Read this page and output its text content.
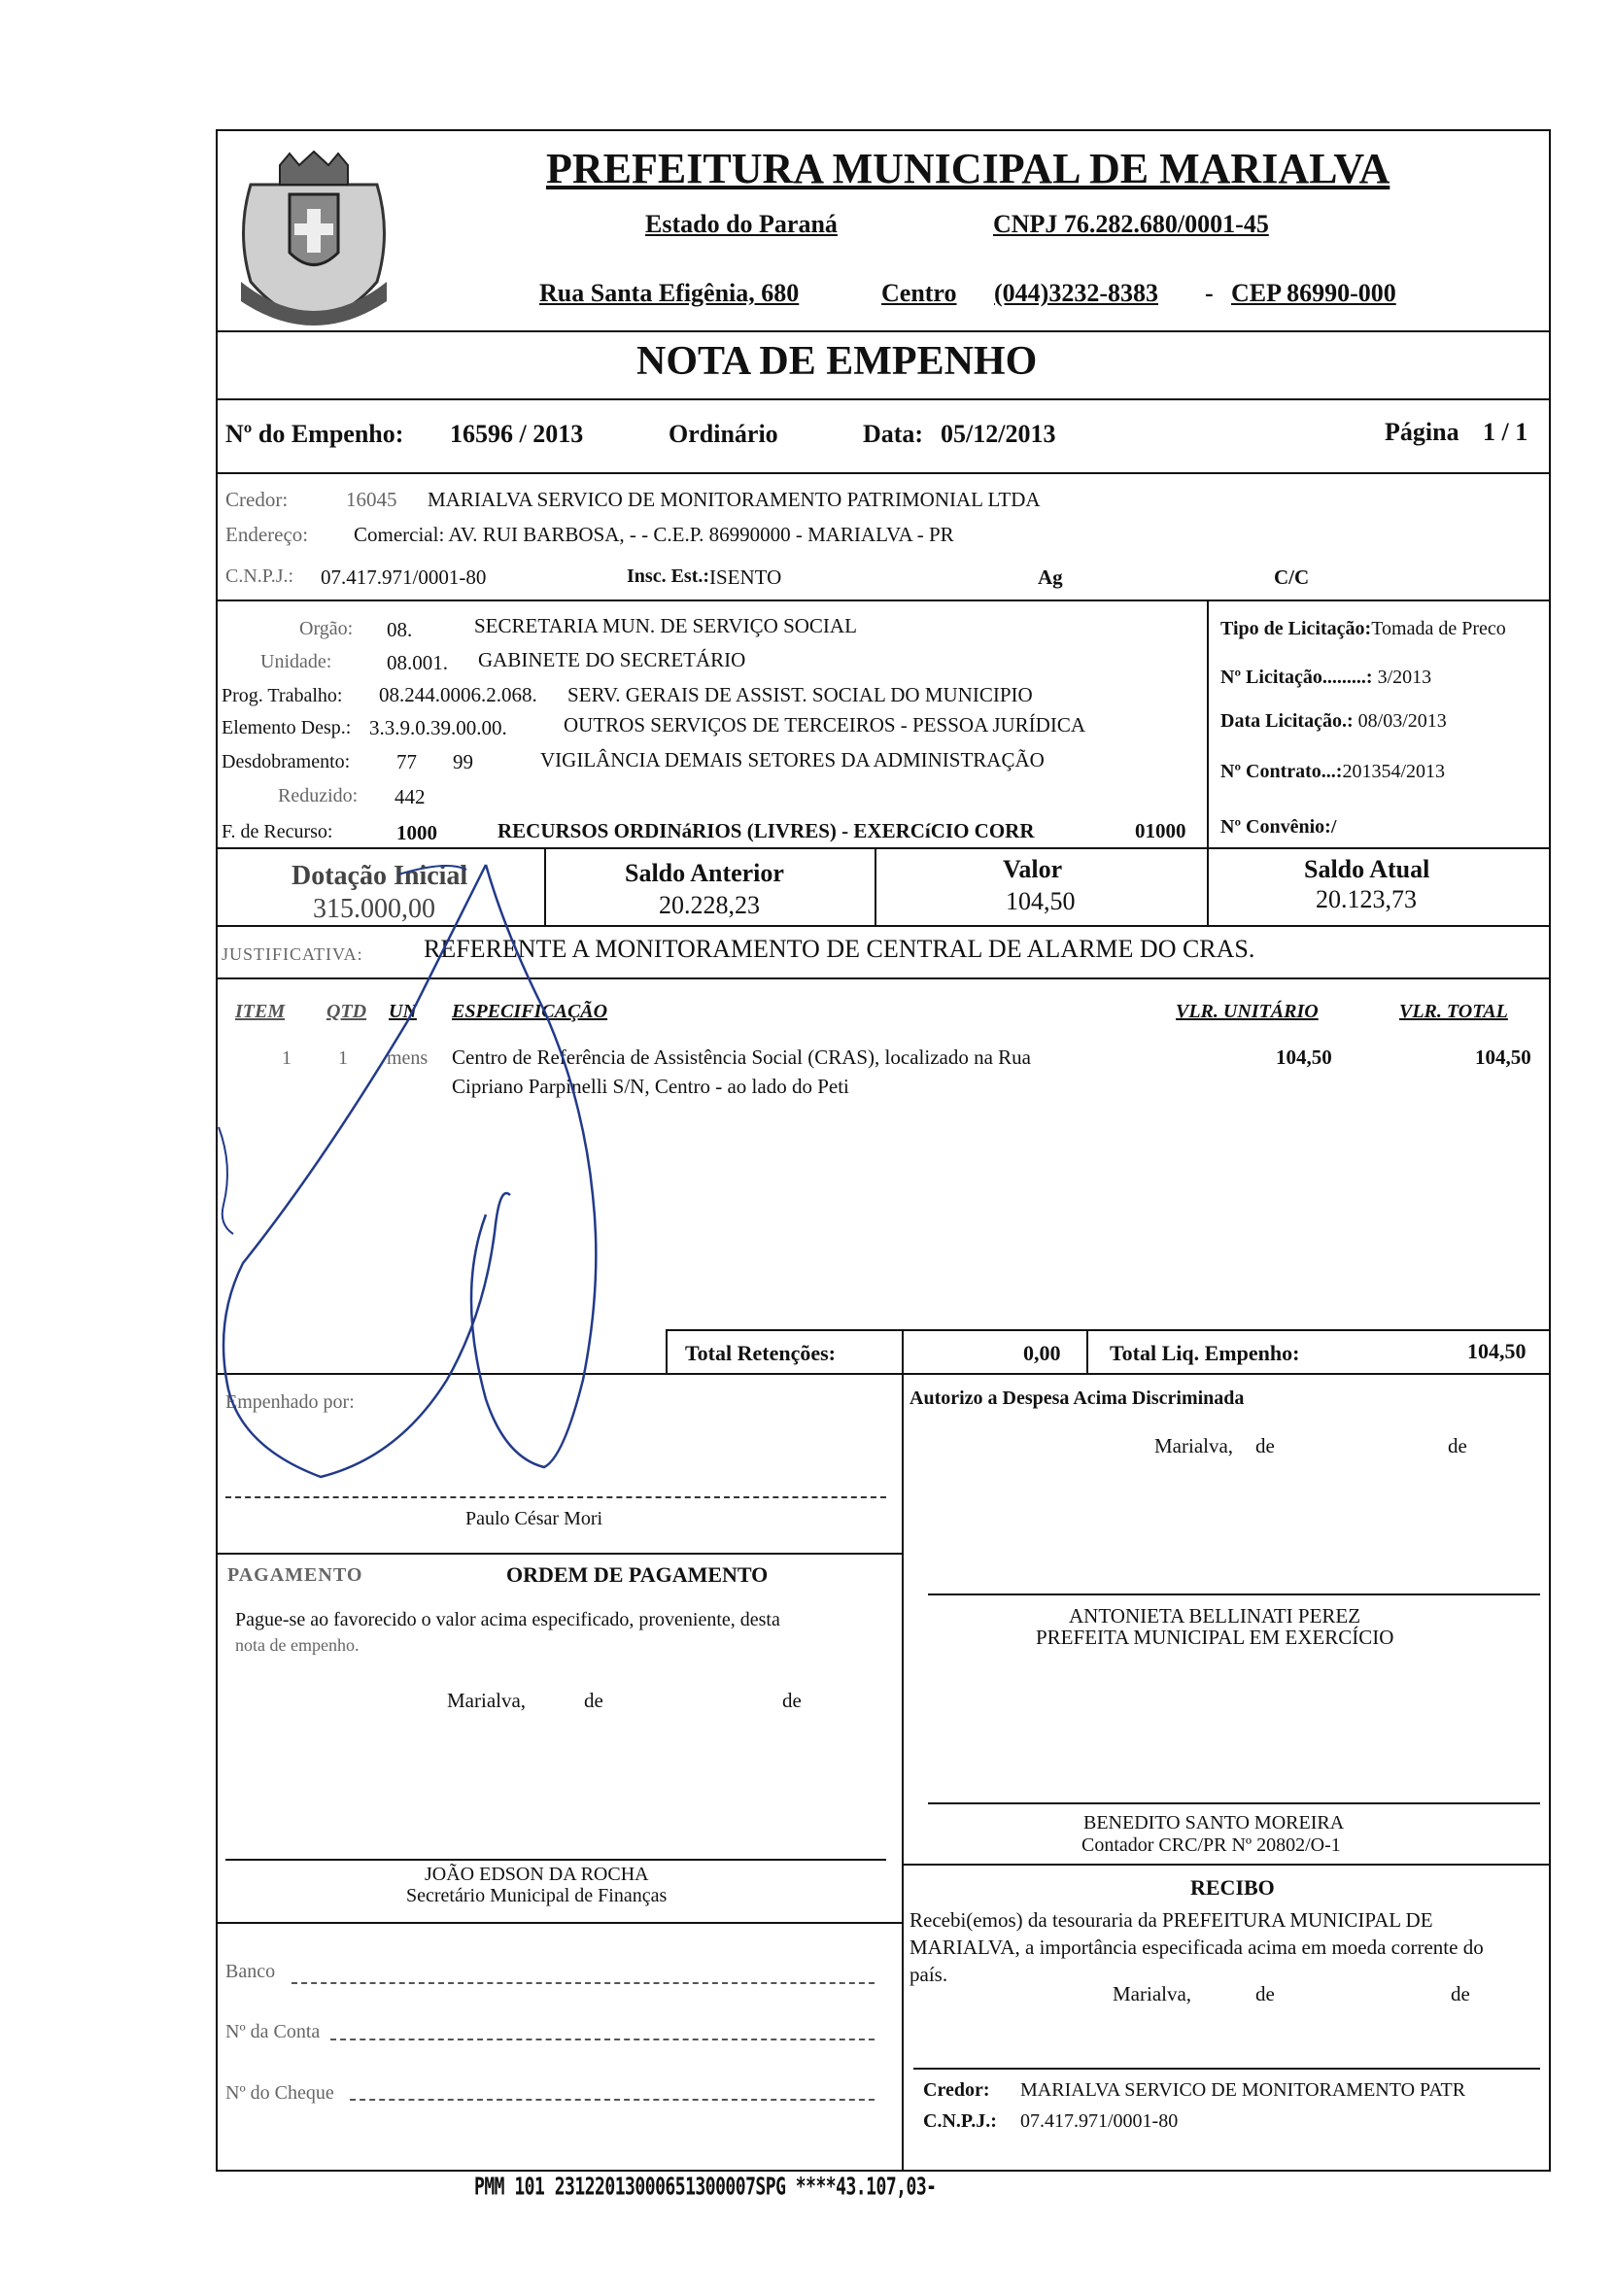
PREFEITURA MUNICIPAL DE MARIALVA
Estado do Paraná	CNPJ 76.282.680/0001-45
Rua Santa Efigênia, 680	Centro (044)3232-8383 - CEP 86990-000
NOTA DE EMPENHO
Nº do Empenho: 16596 / 2013	Ordinário	Data: 05/12/2013	Página 1 / 1
Credor:	16045 MARIALVA SERVICO DE MONITORAMENTO PATRIMONIAL LTDA
Endereço: Comercial: AV. RUI BARBOSA, - - C.E.P. 86990000 - MARIALVA - PR
C.N.P.J.: 07.417.971/0001-80	Insc. Est.: ISENTO	Ag	C/C
Orgão: 08.	SECRETARIA MUN. DE SERVIÇO SOCIAL
Unidade:	08.001. GABINETE DO SECRETÁRIO
Prog. Trabalho: 08.244.0006.2.068. SERV. GERAIS DE ASSIST. SOCIAL DO MUNICIPIO
Elemento Desp.: 3.3.9.0.39.00.00.	OUTROS SERVIÇOS DE TERCEIROS - PESSOA JURÍDICA
Desdobramento: 77 99	VIGILÂNCIA DEMAIS SETORES DA ADMINISTRAÇÃO
Reduzido: 442
F. de Recurso:	1000	RECURSOS ORDINáRIOS (LIVRES) - EXERCíCIO CORR	01000
Tipo de Licitação:Tomada de Preco
Nº Licitação.........: 3/2013
Data Licitação.: 08/03/2013
Nº Contrato...:201354/2013
Nº Convênio:/
Dotação Inicial
315.000,00
Saldo Anterior
20.228,23
Valor
104,50
Saldo Atual
20.123,73
JUSTIFICATIVA: REFERENTE A MONITORAMENTO DE CENTRAL DE ALARME DO CRAS.
ITEM QTD UN ESPECIFICAÇÃO	VLR. UNITÁRIO	VLR. TOTAL
1 1 mens Centro de Referência de Assistência Social (CRAS), localizado na Rua
Cipriano Parpinelli S/N, Centro - ao lado do Peti
104,50	104,50
Total Retenções:	0,00 Total Liq. Empenho:	104,50
Empenhado por:
Paulo César Mori
Autorizo a Despesa Acima Discriminada
Marialva, de	de
ANTONIETA BELLINATI PEREZ
PREFEITA MUNICIPAL EM EXERCÍCIO
PAGAMENTO	ORDEM DE PAGAMENTO
Pague-se ao favorecido o valor acima especificado, proveniente, desta
nota de empenho.
Marialva,	de	de
JOÃO EDSON DA ROCHA
Secretário Municipal de Finanças
Banco
Nº da Conta
Nº do Cheque
BENEDITO SANTO MOREIRA
Contador CRC/PR Nº 20802/O-1
RECIBO
Recebi(emos) da tesouraria da PREFEITURA MUNICIPAL DE
MARIALVA, a importância especificada acima em moeda corrente do
país.
Marialva,	de	de
Credor: MARIALVA SERVICO DE MONITORAMENTO PATR
C.N.P.J.: 07.417.971/0001-80
PMM 101 23122013000651300007SPG ****43.107,03-
